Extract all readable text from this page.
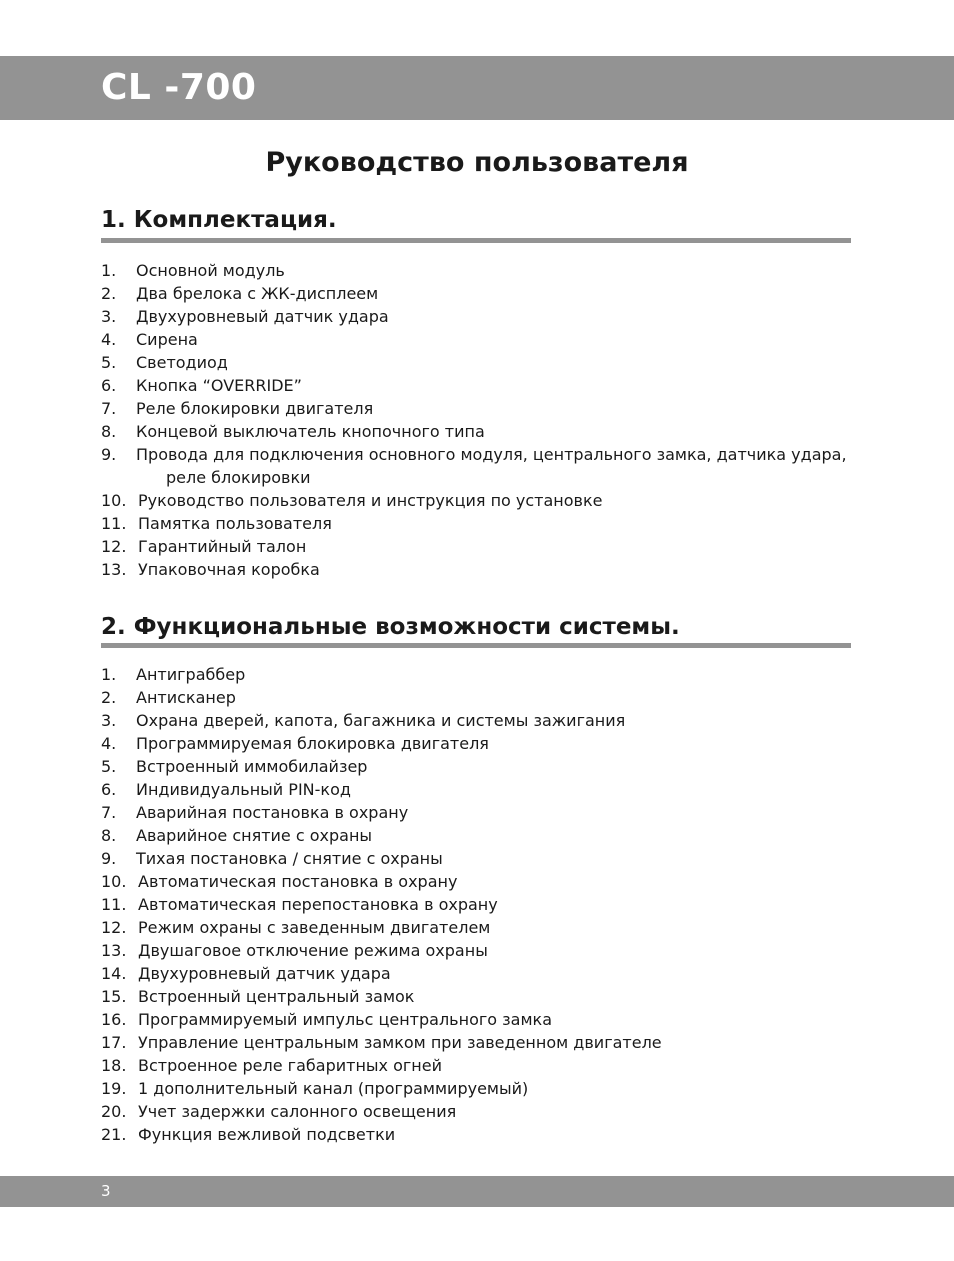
CL -700
Руководство пользователя
1. Комплектация.
1. Основной модуль
2. Два брелока с ЖК-дисплеем
3. Двухуровневый датчик удара
4. Сирена
5. Светодиод
6. Кнопка “OVERRIDE”
7. Реле блокировки двигателя
8. Концевой выключатель кнопочного типа
9. Провода для подключения основного модуля, центрального замка, датчика удара,
реле блокировки
10. Руководство пользователя и инструкция по установке
11. Памятка пользователя
12. Гарантийный талон
13. Упаковочная коробка
2. Функциональные возможности системы.
1. Антиграббер
2. Антисканер
3. Охрана дверей, капота, багажника и системы зажигания
4. Программируемая блокировка двигателя
5. Встроенный иммобилайзер
6. Индивидуальный PIN-код
7. Аварийная постановка в охрану
8. Аварийное снятие с охраны
9. Тихая постановка / снятие с охраны
10. Автоматическая постановка в охрану
11. Автоматическая перепостановка в охрану
12. Режим охраны с заведенным двигателем
13. Двушаговое отключение режима охраны
14. Двухуровневый датчик удара
15. Встроенный центральный замок
16. Программируемый импульс центрального замка
17. Управление центральным замком при заведенном двигателе
18. Встроенное реле габаритных огней
19. 1 дополнительный канал (программируемый)
20. Учет задержки салонного освещения
21. Функция вежливой подсветки
3
